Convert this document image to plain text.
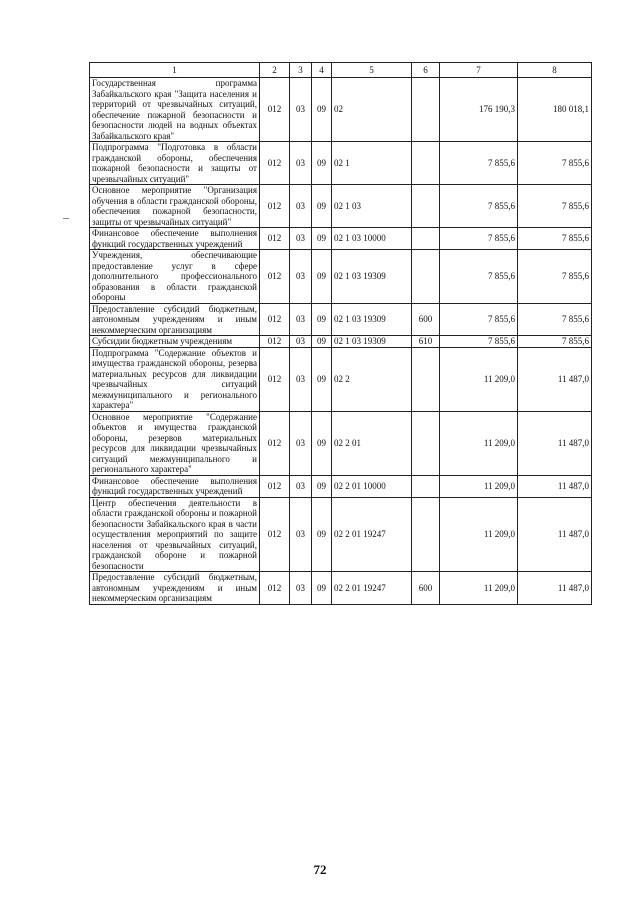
1	2	3	4	5	6	7	8
Государственная программа Забайкальского края "Защита населения и территорий от чрезвычайных ситуаций, обеспечение пожарной безопасности и безопасности людей на водных объектах Забайкальского края"	012	03	09	02		176 190,3	180 018,1
Подпрограмма "Подготовка в области гражданской обороны, обеспечения пожарной безопасности и защиты от чрезвычайных ситуаций"	012	03	09	02 1		7 855,6	7 855,6
Основное мероприятие "Организация обучения в области гражданской обороны, обеспечения пожарной безопасности, защиты от чрезвычайных ситуаций"	012	03	09	02 1 03		7 855,6	7 855,6
Финансовое обеспечение выполнения функций государственных учреждений	012	03	09	02 1 03 10000		7 855,6	7 855,6
Учреждения, обеспечивающие предоставление услуг в сфере дополнительного профессионального образования в области гражданской обороны	012	03	09	02 1 03 19309		7 855,6	7 855,6
Предоставление субсидий бюджетным, автономным учреждениям и иным некоммерческим организациям	012	03	09	02 1 03 19309	600	7 855,6	7 855,6
Субсидии бюджетным учреждениям	012	03	09	02 1 03 19309	610	7 855,6	7 855,6
Подпрограмма "Содержание объектов и имущества гражданской обороны, резерва материальных ресурсов для ликвидации чрезвычайных ситуаций межмуниципального и регионального характера"	012	03	09	02 2		11 209,0	11 487,0
Основное мероприятие "Содержание объектов и имущества гражданской обороны, резервов материальных ресурсов для ликвидации чрезвычайных ситуаций межмуниципального и регионального характера"	012	03	09	02 2 01		11 209,0	11 487,0
Финансовое обеспечение выполнения функций государственных учреждений	012	03	09	02 2 01 10000		11 209,0	11 487,0
Центр обеспечения деятельности в области гражданской обороны и пожарной безопасности Забайкальского края в части осуществления мероприятий по защите населения от чрезвычайных ситуаций, гражданской обороне и пожарной безопасности	012	03	09	02 2 01 19247		11 209,0	11 487,0
Предоставление субсидий бюджетным, автономным учреждениям и иным некоммерческим организациям	012	03	09	02 2 01 19247	600	11 209,0	11 487,0
72
